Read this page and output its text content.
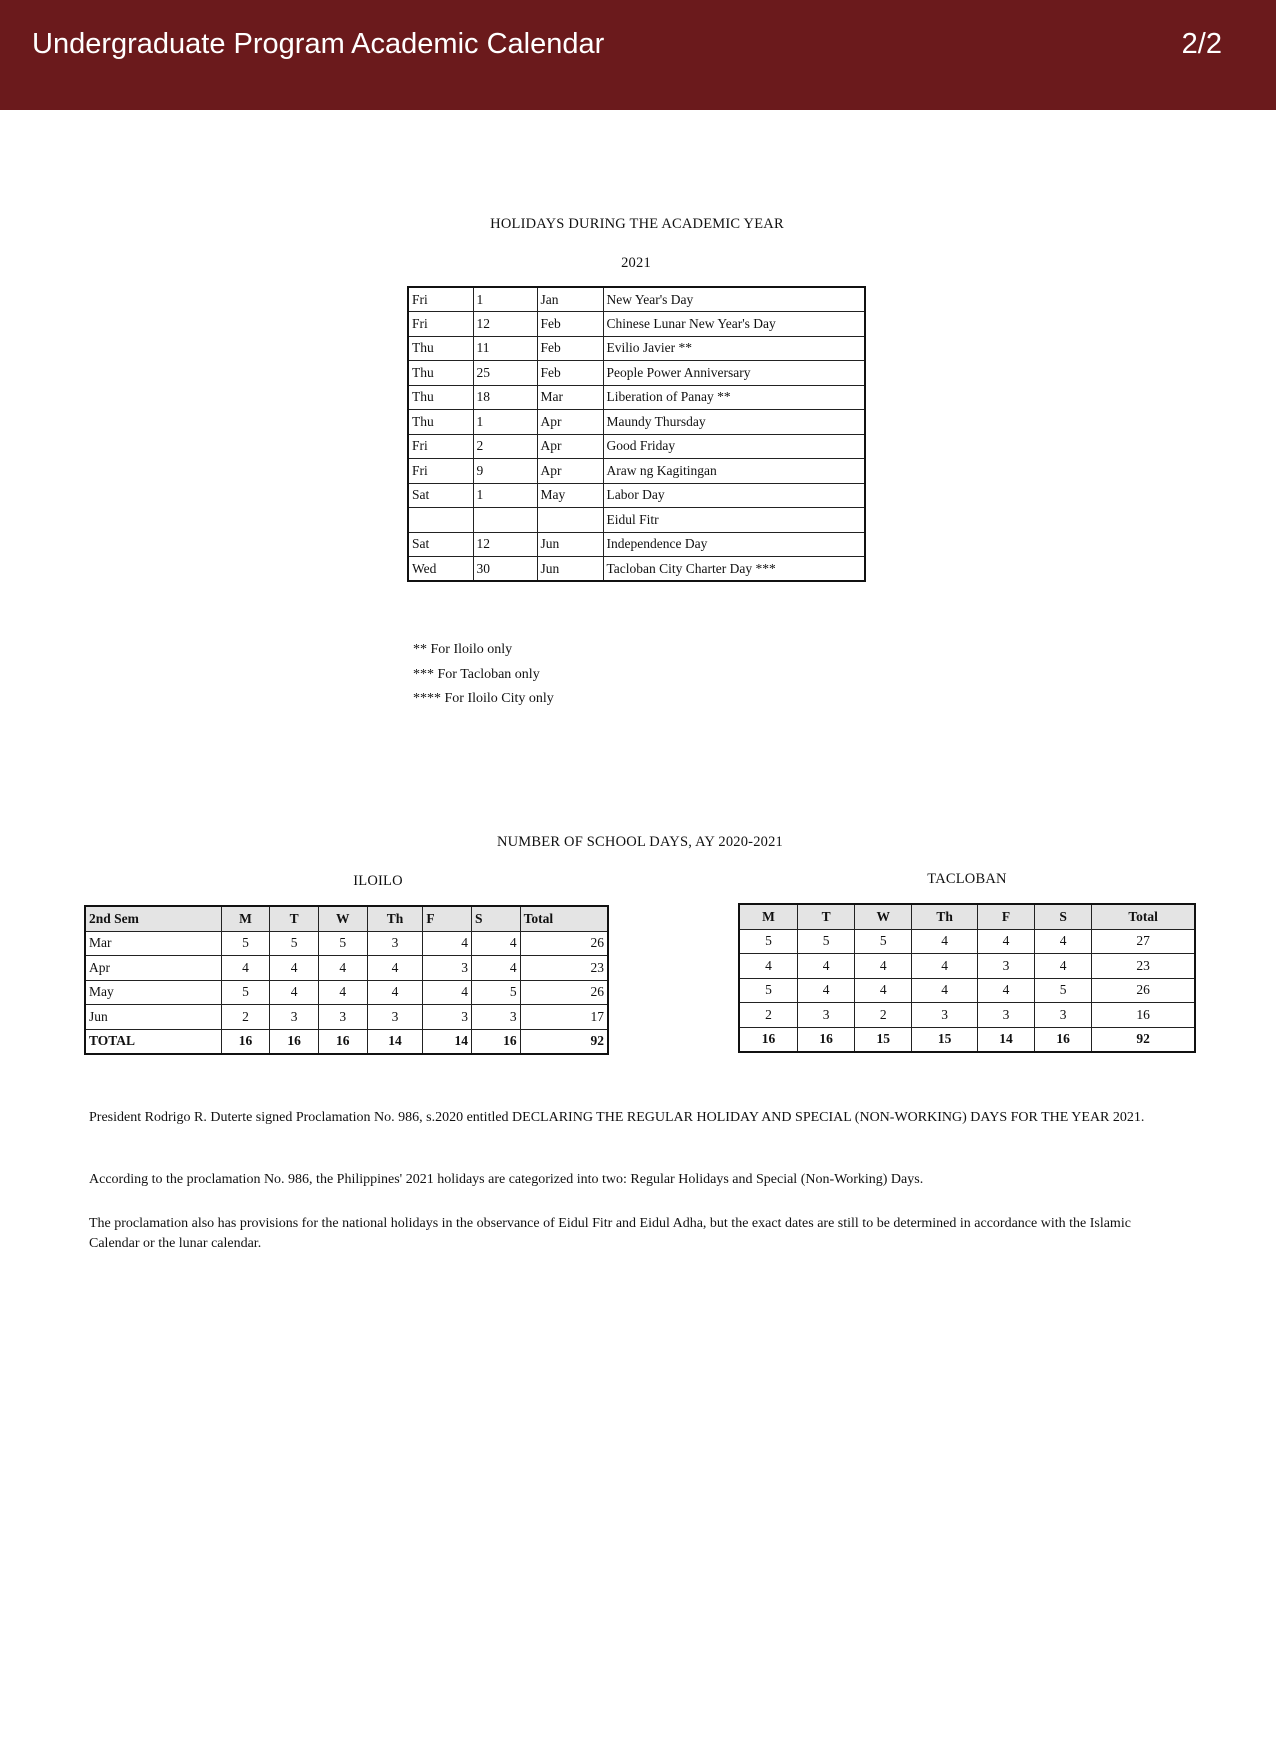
Undergraduate Program Academic Calendar	2/2
HOLIDAYS DURING THE ACADEMIC YEAR
2021
Fri	1	Jan	New Year's Day
Fri	12	Feb	Chinese Lunar New Year's Day
Thu	11	Feb	Evilio Javier **
Thu	25	Feb	People Power Anniversary
Thu	18	Mar	Liberation of Panay **
Thu	1	Apr	Maundy Thursday
Fri	2	Apr	Good Friday
Fri	9	Apr	Araw ng Kagitingan
Sat	1	May	Labor Day
			Eidul Fitr
Sat	12	Jun	Independence Day
Wed	30	Jun	Tacloban City Charter Day ***
** For Iloilo only
*** For Tacloban only
**** For Iloilo City only
NUMBER OF SCHOOL DAYS, AY 2020-2021
ILOILO	TACLOBAN
2nd Sem	M	T	W	Th	F	S	Total
Mar	5	5	5	3	4	4	26
Apr	4	4	4	4	3	4	23
May	5	4	4	4	4	5	26
Jun	2	3	3	3	3	3	17
TOTAL	16	16	16	14	14	16	92
M	T	W	Th	F	S	Total
5	5	5	4	4	4	27
4	4	4	4	3	4	23
5	4	4	4	4	5	26
2	3	2	3	3	3	16
16	16	15	15	14	16	92
President Rodrigo R. Duterte signed Proclamation No. 986, s.2020 entitled DECLARING THE REGULAR HOLIDAY AND SPECIAL (NON-WORKING) DAYS FOR THE YEAR 2021.
According to the proclamation No. 986, the Philippines' 2021 holidays are categorized into two: Regular Holidays and Special (Non-Working) Days.
The proclamation also has provisions for the national holidays in the observance of Eidul Fitr and Eidul Adha, but the exact dates are still to be determined in accordance with the Islamic Calendar or the lunar calendar.
